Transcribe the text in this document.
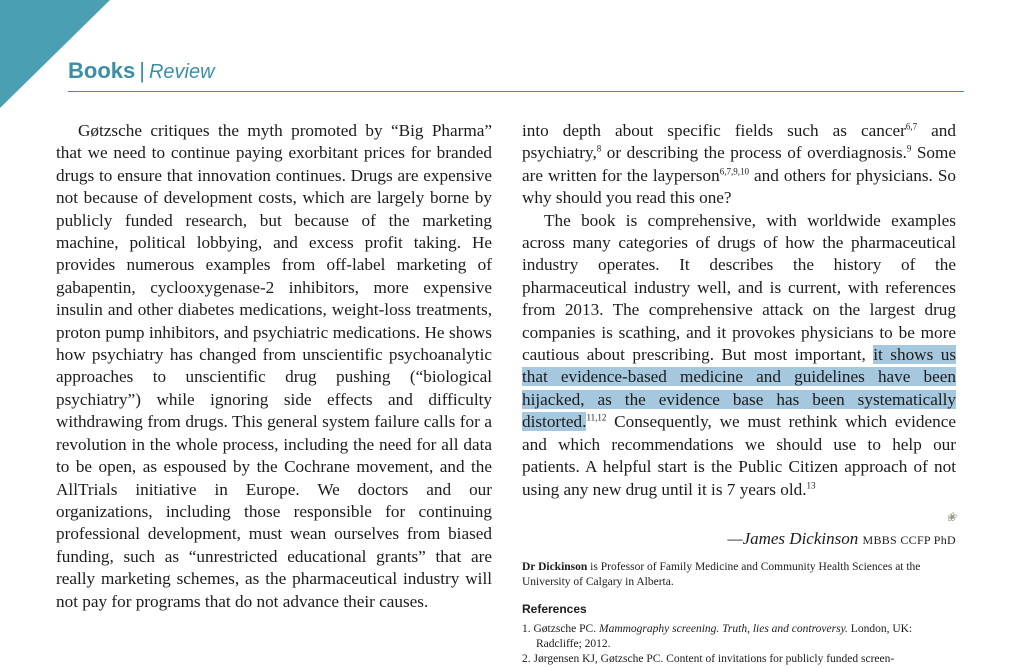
Books | Review

Gøtzsche critiques the myth promoted by “Big Pharma” that we need to continue paying exorbitant prices for branded drugs to ensure that innovation continues. Drugs are expensive not because of development costs, which are largely borne by publicly funded research, but because of the marketing machine, political lobbying, and excess profit taking. He provides numerous examples from off-label marketing of gabapentin, cyclooxygenase-2 inhibitors, more expensive insulin and other diabetes medications, weight-loss treatments, proton pump inhibitors, and psychiatric medications. He shows how psychiatry has changed from unscientific psychoanalytic approaches to unscientific drug pushing (“biological psychiatry”) while ignoring side effects and difficulty withdrawing from drugs. This general system failure calls for a revolution in the whole process, including the need for all data to be open, as espoused by the Cochrane movement, and the AllTrials initiative in Europe. We doctors and our organizations, including those responsible for continuing professional development, must wean ourselves from biased funding, such as “unrestricted educational grants” that are really marketing schemes, as the pharmaceutical industry will not pay for programs that do not advance their causes.

into depth about specific fields such as cancer$^{6,7}$ and psychiatry,$^8$ or describing the process of overdiagnosis.$^9$ Some are written for the layperson$^{6,7,9,10}$ and others for physicians. So why should you read this one?

The book is comprehensive, with worldwide examples across many categories of drugs of how the pharmaceutical industry operates. It describes the history of the pharmaceutical industry well, and is current, with references from 2013. The comprehensive attack on the largest drug companies is scathing, and it provokes physicians to be more cautious about prescribing. But most important, it shows us that evidence-based medicine and guidelines have been hijacked, as the evidence base has been systematically distorted.$^{11,12}$ Consequently, we must rethink which evidence and which recommendations we should use to help our patients. A helpful start is the Public Citizen approach of not using any new drug until it is 7 years old.$^{13}$

❀
—James Dickinson MBBS CCFP PhD
Dr Dickinson is Professor of Family Medicine and Community Health Sciences at the University of Calgary in Alberta.
References
1. Gøtzsche PC. Mammography screening. Truth, lies and controversy. London, UK: Radcliffe; 2012.
2. Jørgensen KJ, Gøtzsche PC. Content of invitations for publicly funded screen-
